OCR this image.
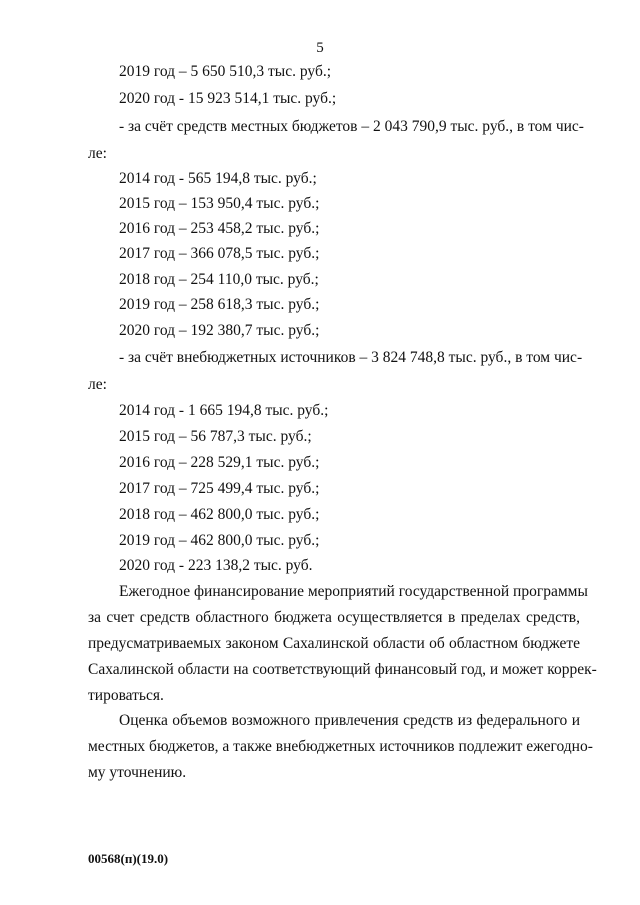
5
2019 год – 5 650 510,3 тыс. руб.;
2020 год - 15 923 514,1 тыс. руб.;
- за счёт средств местных бюджетов – 2 043 790,9 тыс. руб., в том чис-
ле:
2014 год - 565 194,8 тыс. руб.;
2015 год – 153 950,4 тыс. руб.;
2016 год – 253 458,2 тыс. руб.;
2017 год – 366 078,5 тыс. руб.;
2018 год – 254 110,0 тыс. руб.;
2019 год – 258 618,3 тыс. руб.;
2020 год – 192 380,7 тыс. руб.;
- за счёт внебюджетных источников – 3 824 748,8 тыс. руб., в том чис-
ле:
2014 год - 1 665 194,8 тыс. руб.;
2015 год – 56 787,3 тыс. руб.;
2016 год – 228 529,1 тыс. руб.;
2017 год – 725 499,4 тыс. руб.;
2018 год – 462 800,0 тыс. руб.;
2019 год – 462 800,0 тыс. руб.;
2020 год - 223 138,2 тыс. руб.
Ежегодное финансирование мероприятий государственной программы
за счет средств областного бюджета осуществляется в пределах средств,
предусматриваемых законом Сахалинской области об областном бюджете
Сахалинской области на соответствующий финансовый год, и может коррек-
тироваться.
Оценка объемов возможного привлечения средств из федерального и
местных бюджетов, а также внебюджетных источников подлежит ежегодно-
му уточнению.
00568(п)(19.0)
